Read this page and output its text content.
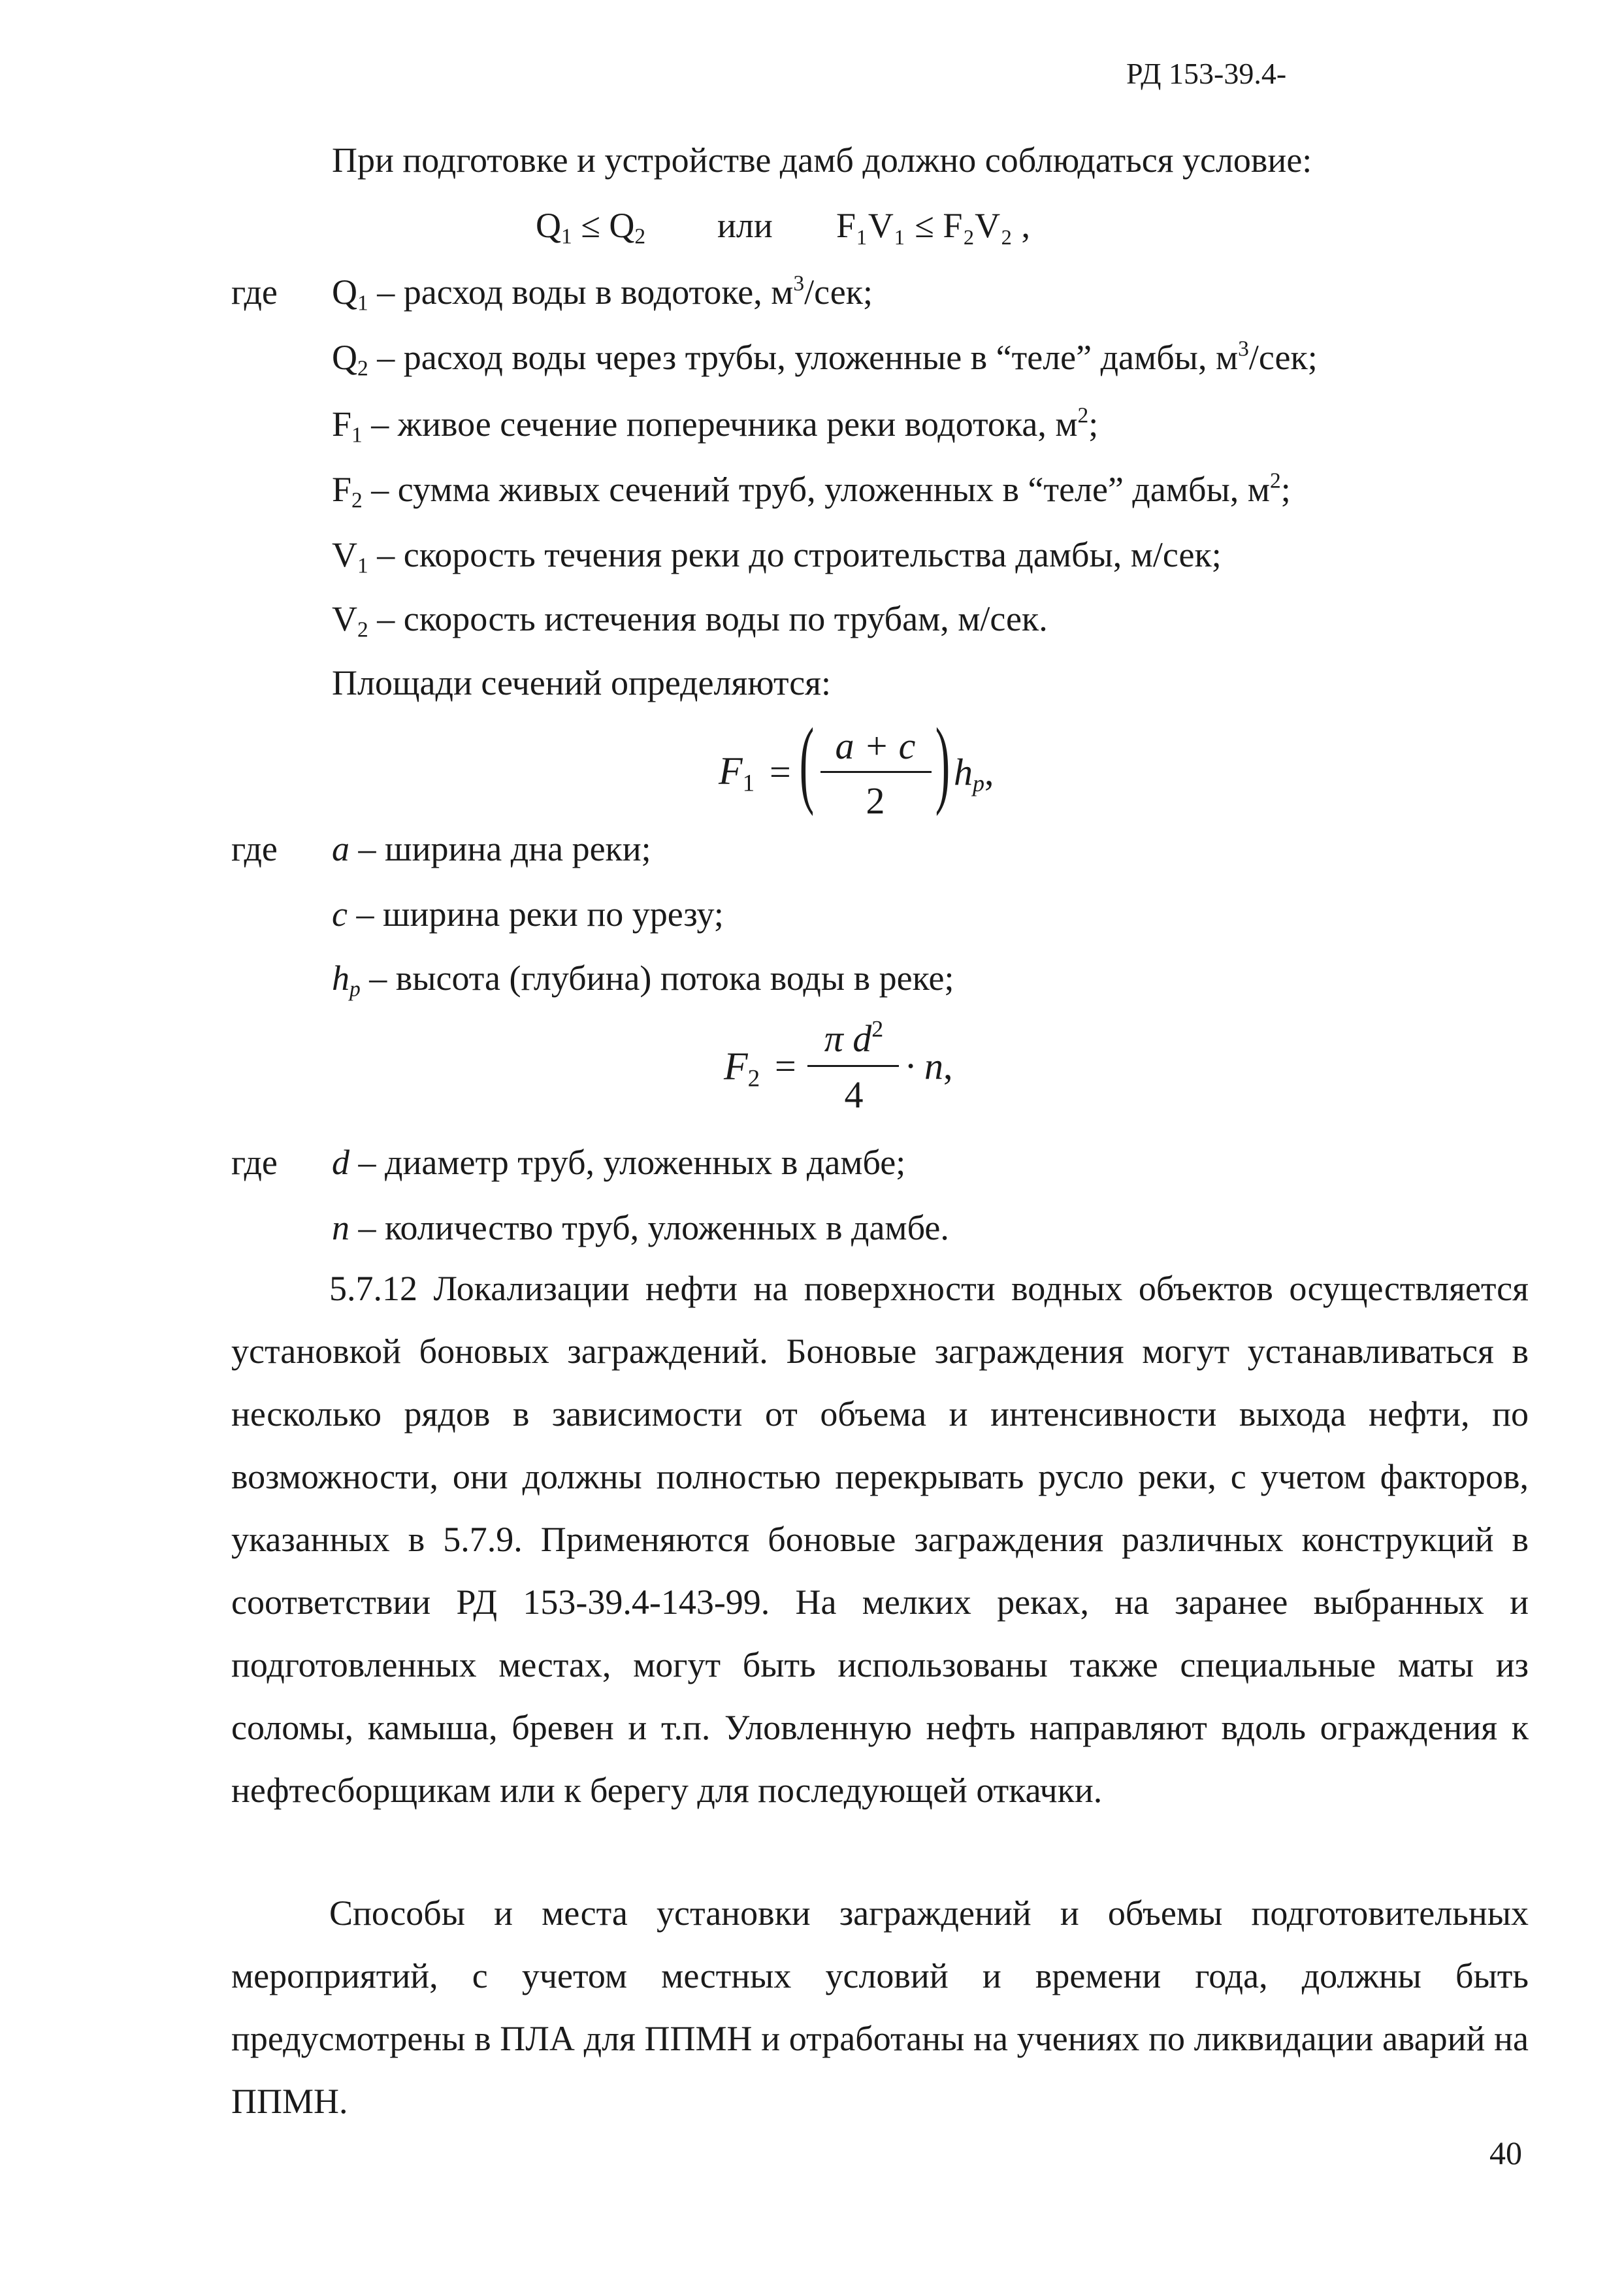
РД 153-39.4-
При подготовке и устройстве дамб должно соблюдаться условие:
$Q_1 \le Q_2$ или F₁V₁ ≤ F₂V₂ ,
где $Q_1$ – расход воды в водотоке, $м^3$/сек;
$Q_2$ – расход воды через трубы, уложенные в “теле” дамбы, $м^3$/сек;
$F_1$ – живое сечение поперечника реки водотока, $м^2$;
$F_2$ – сумма живых сечений труб, уложенных в “теле” дамбы, $м^2$;
$V_1$ – скорость течения реки до строительства дамбы, м/сек;
$V_2$ – скорость истечения воды по трубам, м/сек.
Площади сечений определяются:
$F_1$ = ( a + c
2 ) $h_p$,
где a – ширина дна реки;
c – ширина реки по урезу;
$h_p$ – высота (глубина) потока воды в реке;
$F_2$ =
π $d^2$
4
· n,
где d – диаметр труб, уложенных в дамбе;
n – количество труб, уложенных в дамбе.
5.7.12 Локализации нефти на поверхности водных объектов осуществляется установкой боновых заграждений. Боновые заграждения могут устанавливаться в несколько рядов в зависимости от объема и интенсивности выхода нефти, по возможности, они должны полностью перекрывать русло реки, с учетом факторов, указанных в 5.7.9. Применяются боновые заграждения различных конструкций в соответствии РД 153-39.4-143-99. На мелких реках, на заранее выбранных и подготовленных местах, могут быть использованы также специальные маты из соломы, камыша, бревен и т.п. Уловленную нефть направляют вдоль ограждения к нефтесборщикам или к берегу для последующей откачки.
Способы и места установки заграждений и объемы подготовительных мероприятий, с учетом местных условий и времени года, должны быть предусмотрены в ПЛА для ППМН и отработаны на учениях по ликвидации аварий на ППМН.
40
